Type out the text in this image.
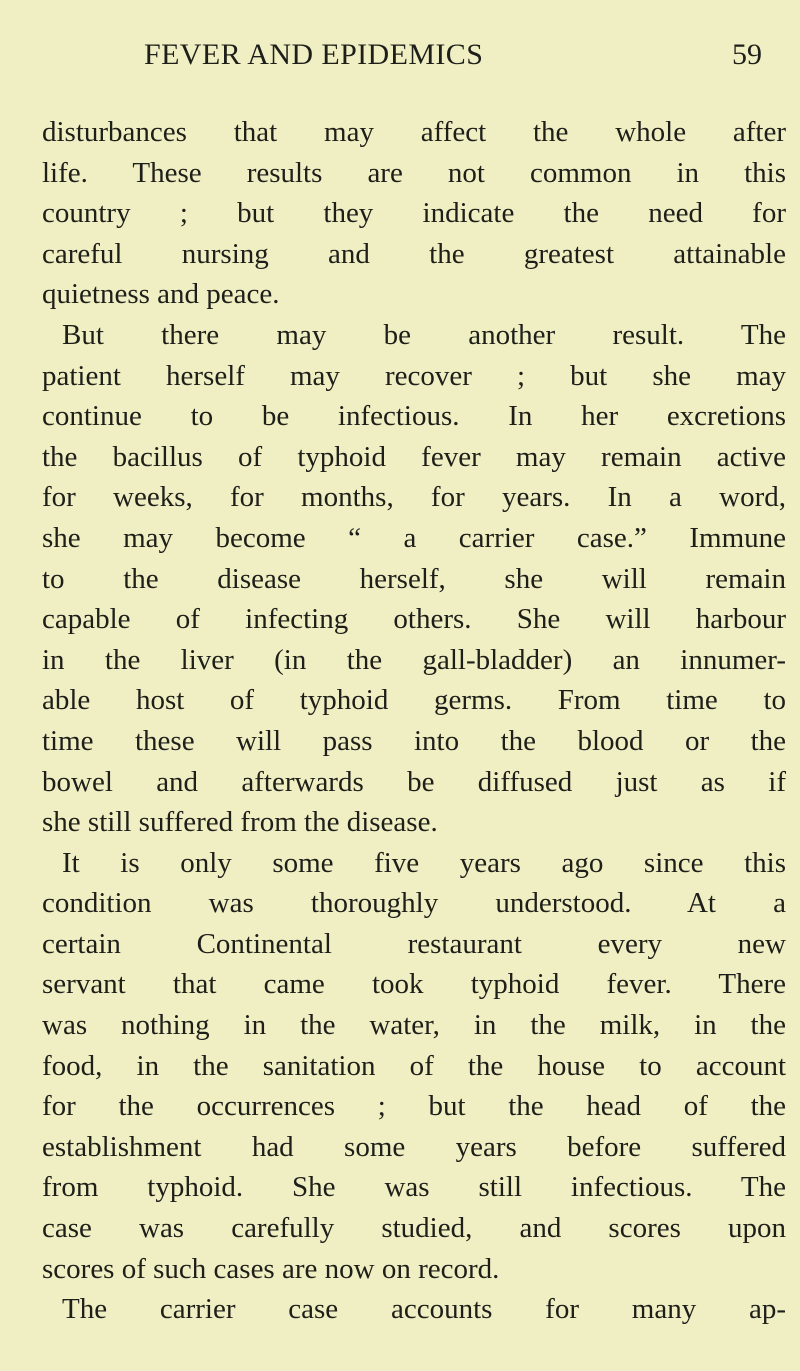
FEVER AND EPIDEMICS	59
disturbances that may affect the whole after
life. These results are not common in this
country ; but they indicate the need for
careful nursing and the greatest attainable
quietness and peace.
But there may be another result. The
patient herself may recover ; but she may
continue to be infectious. In her excretions
the bacillus of typhoid fever may remain active
for weeks, for months, for years. In a word,
she may become “ a carrier case.” Immune
to the disease herself, she will remain
capable of infecting others. She will harbour
in the liver (in the gall-bladder) an innumer-
able host of typhoid germs. From time to
time these will pass into the blood or the
bowel and afterwards be diffused just as if
she still suffered from the disease.
It is only some five years ago since this
condition was thoroughly understood. At a
certain Continental restaurant every new
servant that came took typhoid fever. There
was nothing in the water, in the milk, in the
food, in the sanitation of the house to account
for the occurrences ; but the head of the
establishment had some years before suffered
from typhoid. She was still infectious. The
case was carefully studied, and scores upon
scores of such cases are now on record.
The carrier case accounts for many ap-
